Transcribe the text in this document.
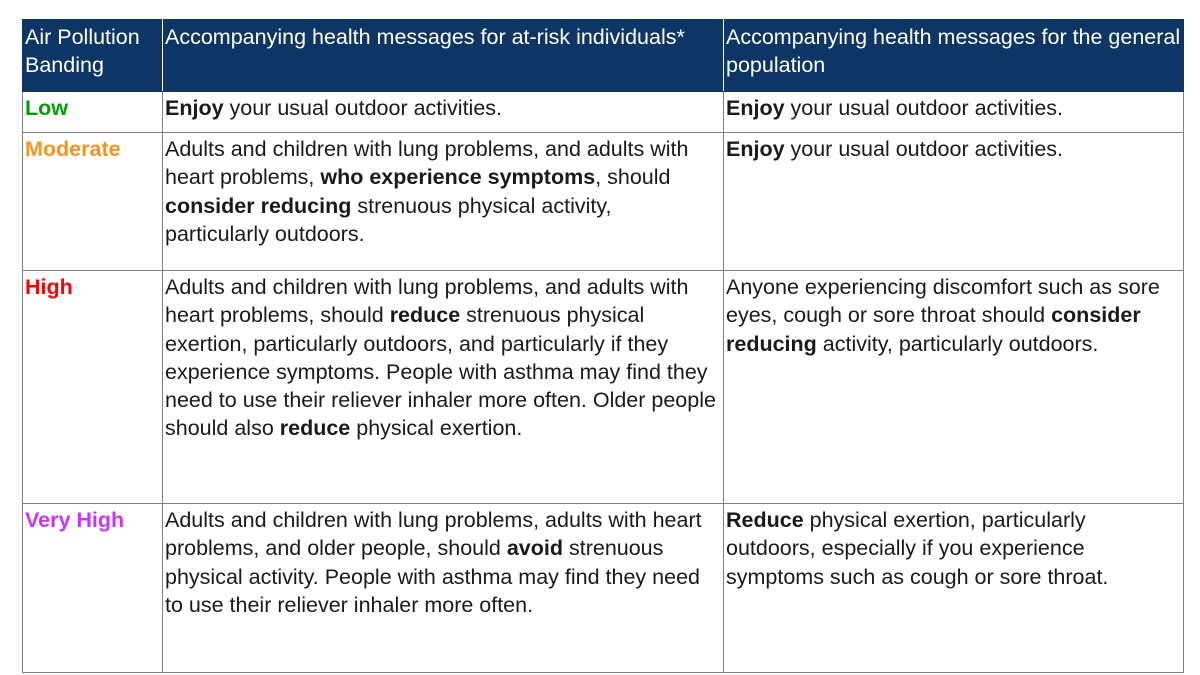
Air Pollution Banding	Accompanying health messages for at-risk individuals*	Accompanying health messages for the general population
Low	Enjoy your usual outdoor activities.	Enjoy your usual outdoor activities.
Moderate	Adults and children with lung problems, and adults with heart problems, who experience symptoms, should consider reducing strenuous physical activity, particularly outdoors.	Enjoy your usual outdoor activities.
High	Adults and children with lung problems, and adults with heart problems, should reduce strenuous physical exertion, particularly outdoors, and particularly if they experience symptoms. People with asthma may find they need to use their reliever inhaler more often. Older people should also reduce physical exertion.	Anyone experiencing discomfort such as sore eyes, cough or sore throat should consider reducing activity, particularly outdoors.
Very High	Adults and children with lung problems, adults with heart problems, and older people, should avoid strenuous physical activity. People with asthma may find they need to use their reliever inhaler more often.	Reduce physical exertion, particularly outdoors, especially if you experience symptoms such as cough or sore throat.
